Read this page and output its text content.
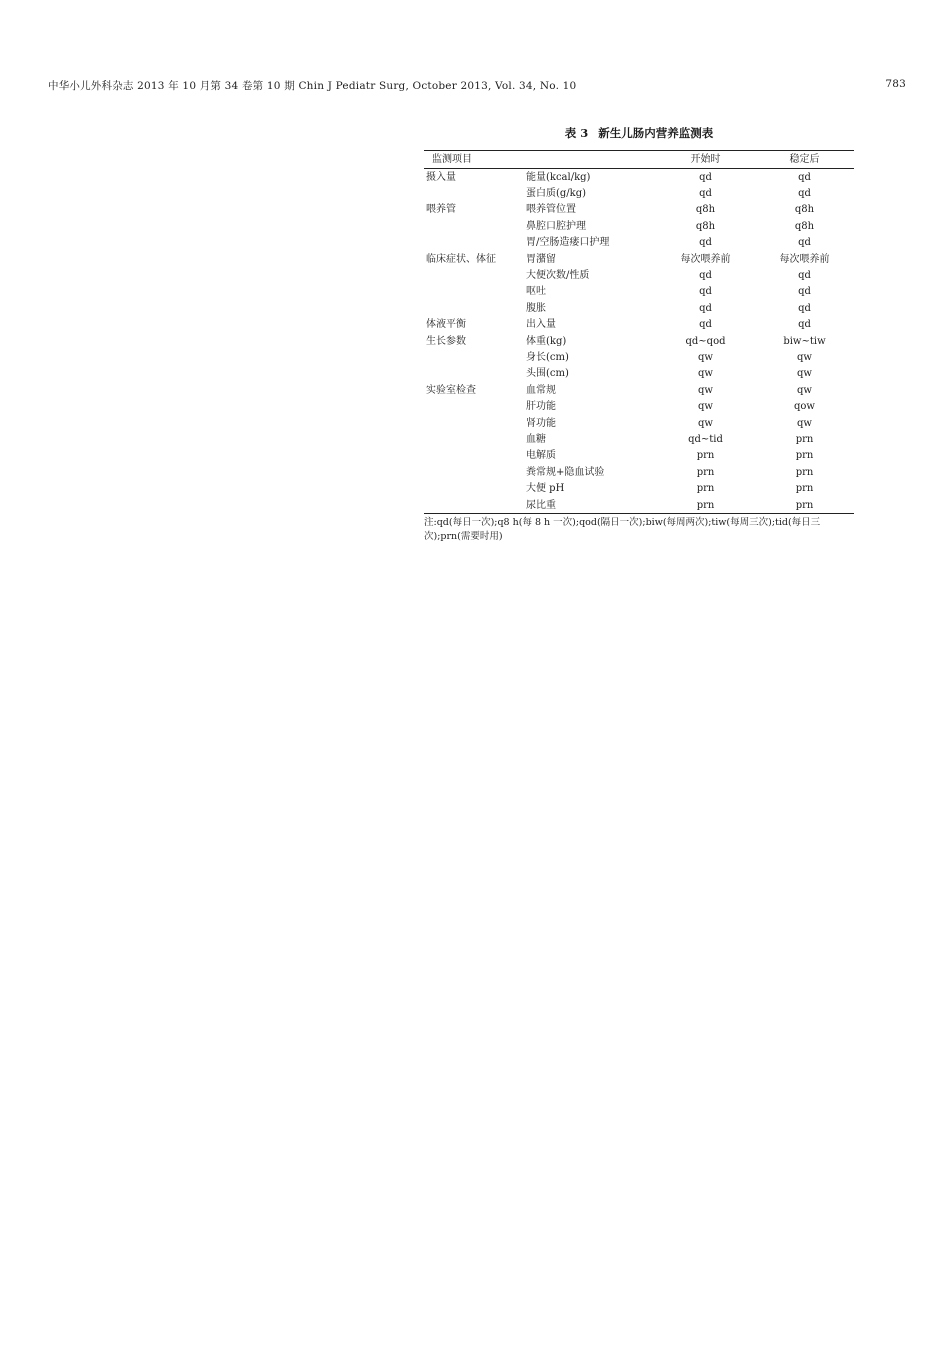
中华小儿外科杂志 2013 年 10 月第 34 卷第 10 期 Chin J Pediatr Surg, October 2013, Vol. 34, No. 10	783
表 3 新生儿肠内营养监测表
监测项目		开始时	稳定后
摄入量	能量(kcal/kg)	qd	qd
	蛋白质(g/kg)	qd	qd
喂养管	喂养管位置	q8h	q8h
	鼻腔口腔护理	q8h	q8h
	胃/空肠造瘘口护理	qd	qd
临床症状、体征	胃潴留	每次喂养前	每次喂养前
	大便次数/性质	qd	qd
	呕吐	qd	qd
	腹胀	qd	qd
体液平衡	出入量	qd	qd
生长参数	体重(kg)	qd~qod	biw~tiw
	身长(cm)	qw	qw
	头围(cm)	qw	qw
实验室检查	血常规	qw	qw
	肝功能	qw	qow
	肾功能	qw	qw
	血糖	qd~tid	prn
	电解质	prn	prn
	粪常规+隐血试验	prn	prn
	大便 pH	prn	prn
	尿比重	prn	prn
注:qd(每日一次);q8 h(每 8 h 一次);qod(隔日一次);biw(每周两次);tiw(每周三次);tid(每日三次);prn(需要时用)
